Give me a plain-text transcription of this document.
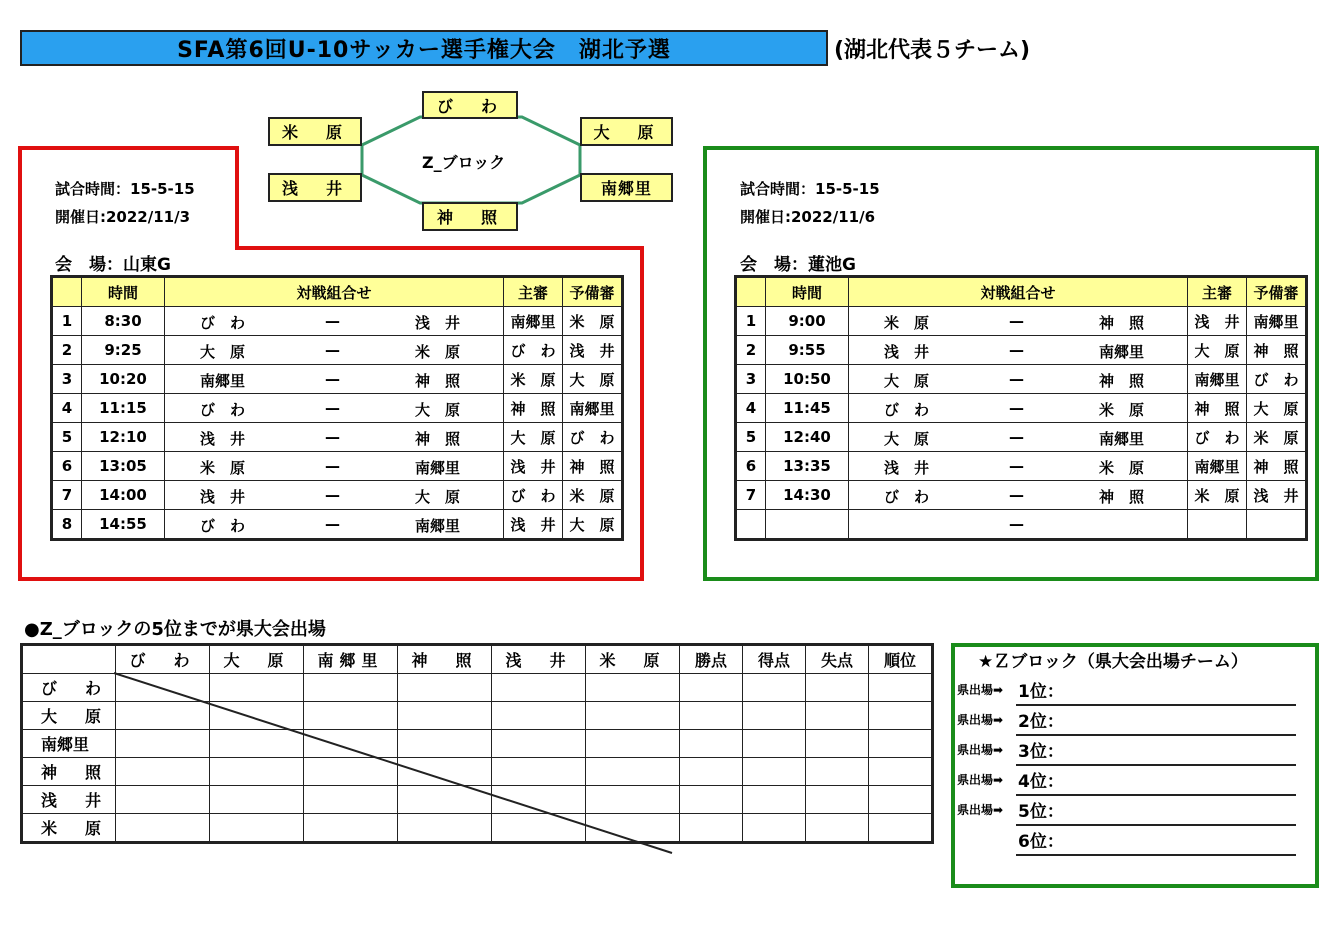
SFA第6回U-10サッカー選手権大会　湖北予選	(湖北代表５チーム)
び　わ
米　原	大　原
浅　井	南郷里
神　照
Z_ブロック
試合時間：15-5-15
開催日:2022/11/3
会　場：山東G
	時間	対戦組合せ	主審	予備審
1	8:30	び　わ — 浅　井	南郷里	米　原
2	9:25	大　原 — 米　原	び　わ	浅　井
3	10:20	南郷里 — 神　照	米　原	大　原
4	11:15	び　わ — 大　原	神　照	南郷里
5	12:10	浅　井 — 神　照	大　原	び　わ
6	13:05	米　原 — 南郷里	浅　井	神　照
7	14:00	浅　井 — 大　原	び　わ	米　原
8	14:55	び　わ — 南郷里	浅　井	大　原
試合時間：15-5-15
開催日:2022/11/6
会　場：蓮池G
	時間	対戦組合せ	主審	予備審
1	9:00	米　原 — 神　照	浅　井	南郷里
2	9:55	浅　井 — 南郷里	大　原	神　照
3	10:50	大　原 — 神　照	南郷里	び　わ
4	11:45	び　わ — 米　原	神　照	大　原
5	12:40	大　原 — 南郷里	び　わ	米　原
6	13:35	浅　井 — 米　原	南郷里	神　照
7	14:30	び　わ — 神　照	米　原	浅　井

		—		

●Z_ブロックの5位までが県大会出場
	び　わ	大　原	南郷里	神　照	浅　井	米　原	勝点	得点	失点	順位
び　わ										
大　原										
南郷里										
神　照										
浅　井										
米　原										
★Ｚブロック（県大会出場チーム）
県出場➡ 1位：
県出場➡ 2位：
県出場➡ 3位：
県出場➡ 4位：
県出場➡ 5位：
6位：
